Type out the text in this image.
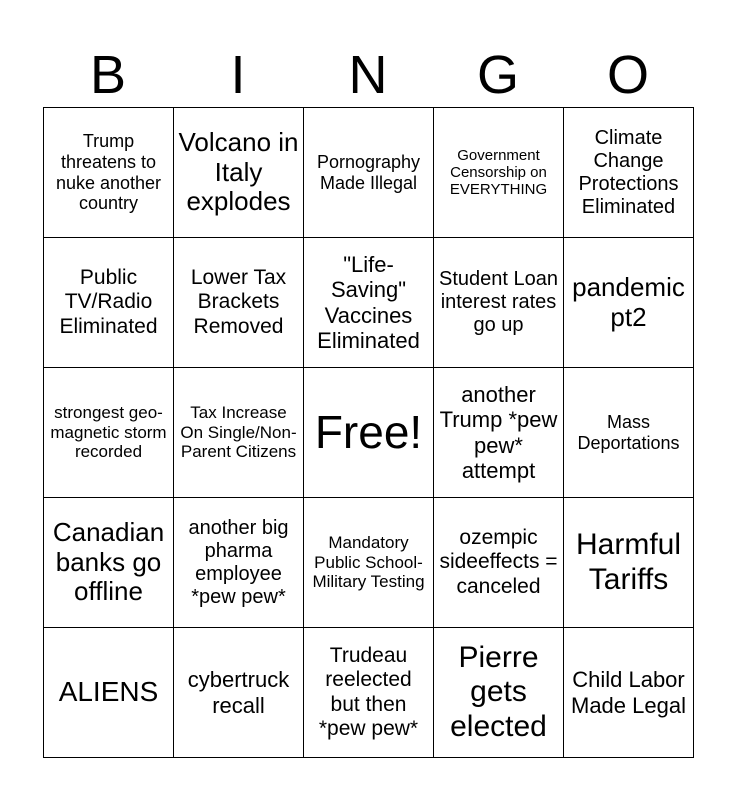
B	I	N	G	O
Trump threatens to nuke another country	Volcano in Italy explodes	Pornography Made Illegal	Government Censorship on EVERYTHING	Climate Change Protections Eliminated
Public TV/Radio Eliminated	Lower Tax Brackets Removed	"Life-Saving" Vaccines Eliminated	Student Loan interest rates go up	pandemic pt2
strongest geo-magnetic storm recorded	Tax Increase On Single/Non-Parent Citizens	Free!	another Trump *pew pew* attempt	Mass Deportations
Canadian banks go offline	another big pharma employee *pew pew*	Mandatory Public School-Military Testing	ozempic sideeffects = canceled	Harmful Tariffs
ALIENS	cybertruck recall	Trudeau reelected but then *pew pew*	Pierre gets elected	Child Labor Made Legal
